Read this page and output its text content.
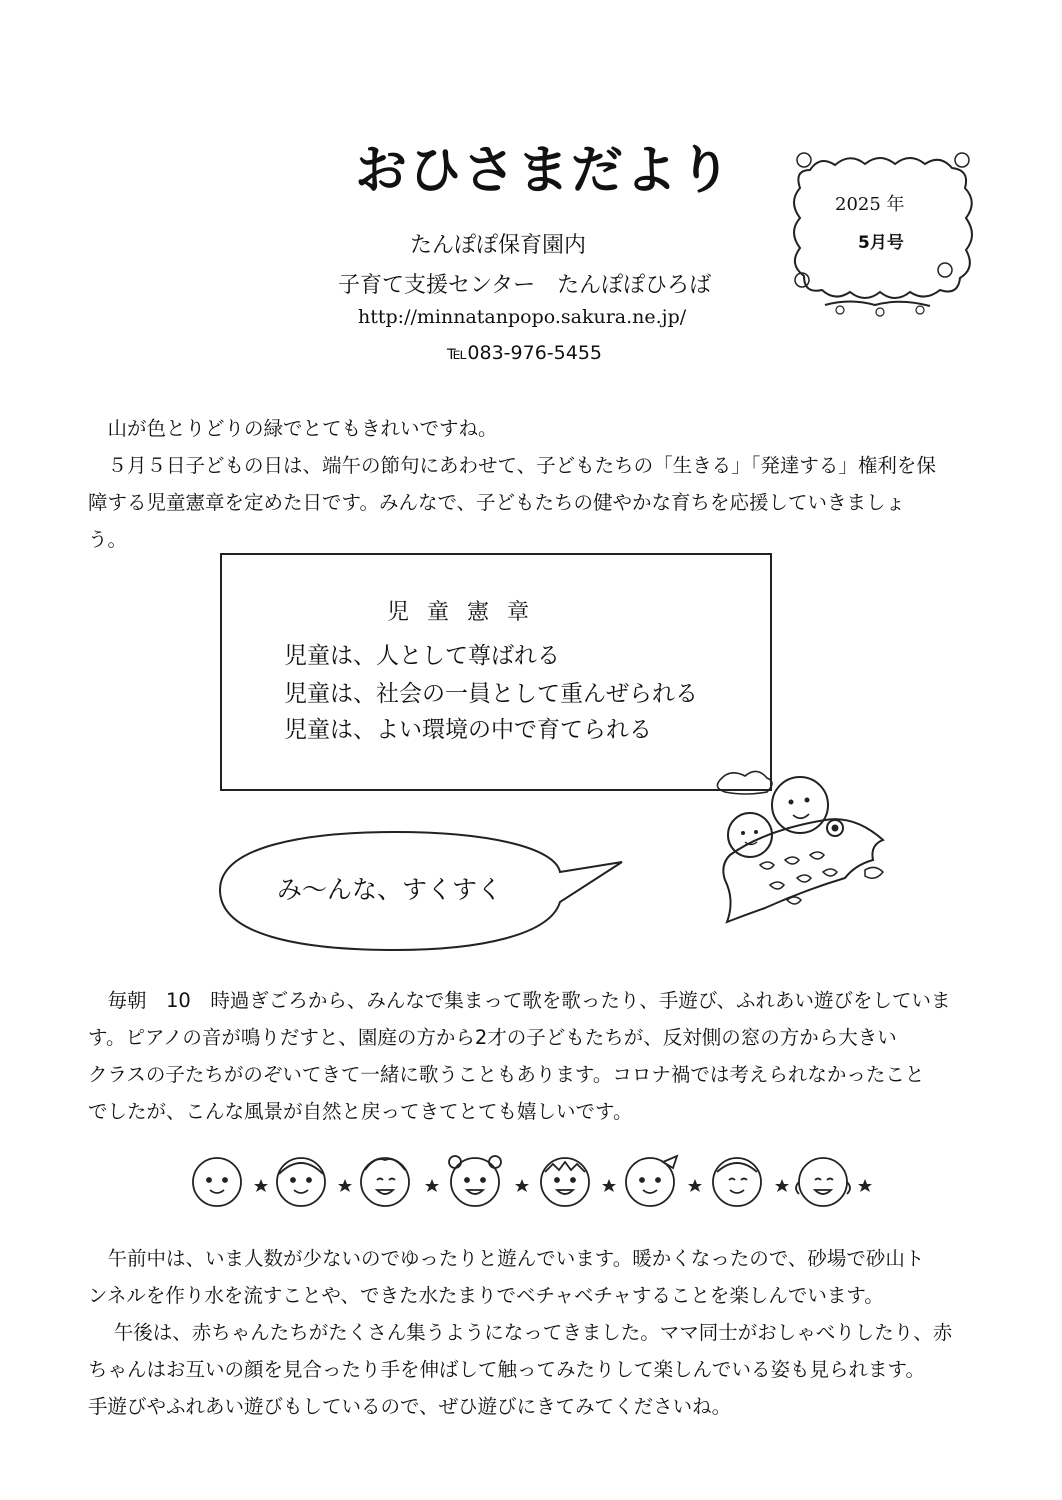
おひさまだより
たんぽぽ保育園内
子育て支援センター　たんぽぽひろば
http://minnatanpopo.sakura.ne.jp/
℡083-976-5455
2025 年
5月号
　山が色とりどりの緑でとてもきれいですね。
　５月５日子どもの日は、端午の節句にあわせて、子どもたちの「生きる」「発達する」権利を保
障する児童憲章を定めた日です。みんなで、子どもたちの健やかな育ちを応援していきましょ
う。
児童憲章
児童は、人として尊ばれる
児童は、社会の一員として重んぜられる
児童は、よい環境の中で育てられる
み～んな、すくすく
　毎朝　10　時過ぎごろから、みんなで集まって歌を歌ったり、手遊び、ふれあい遊びをしていま
す。ピアノの音が鳴りだすと、園庭の方から2才の子どもたちが、反対側の窓の方から大きい
クラスの子たちがのぞいてきて一緒に歌うこともあります。コロナ禍では考えられなかったこと
でしたが、こんな風景が自然と戻ってきてとても嬉しいです。
　午前中は、いま人数が少ないのでゆったりと遊んでいます。暖かくなったので、砂場で砂山ト
ンネルを作り水を流すことや、できた水たまりでベチャベチャすることを楽しんでいます。
　 午後は、赤ちゃんたちがたくさん集うようになってきました。ママ同士がおしゃべりしたり、赤
ちゃんはお互いの顔を見合ったり手を伸ばして触ってみたりして楽しんでいる姿も見られます。
手遊びやふれあい遊びもしているので、ぜひ遊びにきてみてくださいね。
